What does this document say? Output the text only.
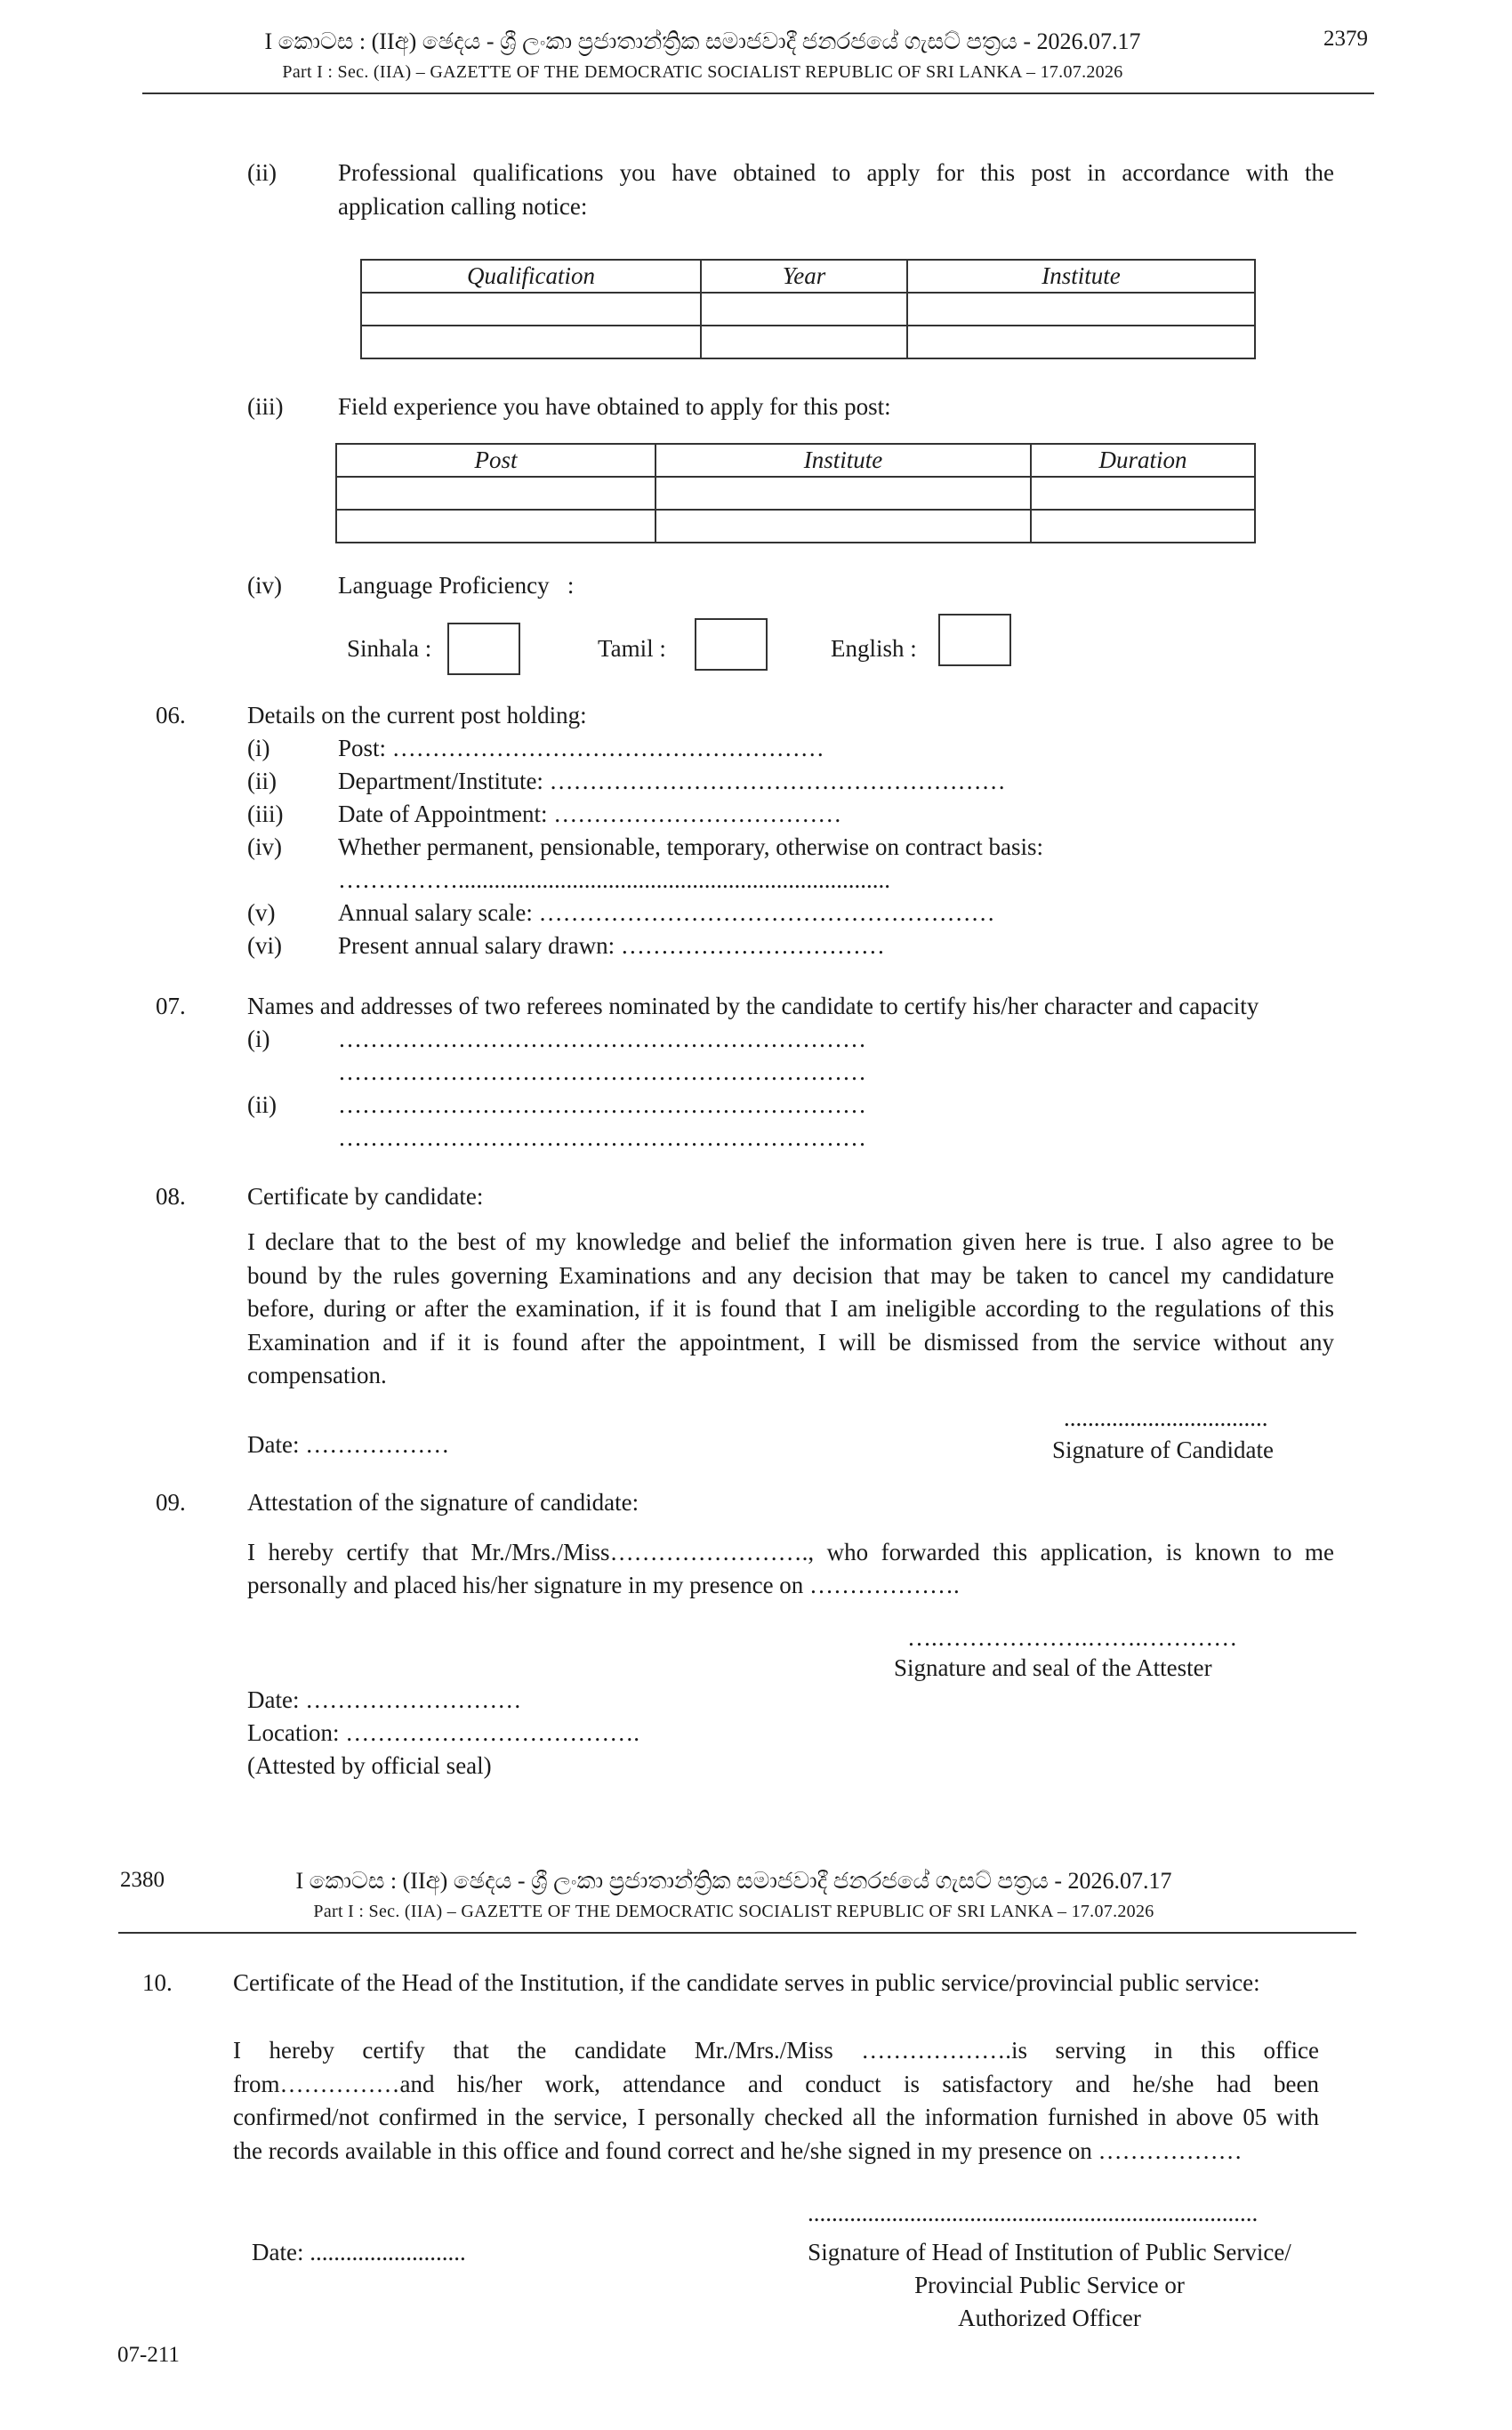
I කොටස : (IIඅ) ඡෙදය - ශ්‍රී ලංකා ප්‍රජාතාන්ත්‍රික සමාජවාදී ජනරජයේ ගැසට් පත්‍රය - 2026.07.17
Part I : Sec. (IIA) – GAZETTE OF THE DEMOCRATIC SOCIALIST REPUBLIC OF SRI LANKA – 17.07.2026
2379
(ii)	Professional qualifications you have obtained to apply for this post in accordance with the
application calling notice:
Qualification	Year	Institute

(iii) Field experience you have obtained to apply for this post:
Post	Institute	Duration

(iv) Language Proficiency   :
Sinhala :	Tamil :	English :
06.	Details on the current post holding:
(i)	Post: ………………………………………………
(ii)	Department/Institute: …………………………………………………
(iii) Date of Appointment: ………………………………
(iv) Whether permanent, pensionable, temporary, otherwise on contract basis:
……………........................................................................
(v)	Annual salary scale: …………………………………………………
(vi) Present annual salary drawn: ……………………………
07.	Names and addresses of two referees nominated by the candidate to certify his/her character and capacity
(i)	…………………………………………………………
…………………………………………………………
(ii)	…………………………………………………………
…………………………………………………………
08.	Certificate by candidate:
I declare that to the best of my knowledge and belief the information given here is true. I also agree to be
bound by the rules governing Examinations and any decision that may be taken to cancel my candidature
before, during or after the examination, if it is found that I am ineligible according to the regulations of this
Examination and if it is found after the appointment, I will be dismissed from the service without any
compensation.
..................................
Date: ………………	Signature of Candidate
09.	Attestation of the signature of candidate:
I hereby certify that Mr./Mrs./Miss……………………., who forwarded this application, is known to me
personally and placed his/her signature in my presence on ……………….
….……………….…….…………
Signature and seal of the Attester
Date: ………………………
Location: ……………………………….
(Attested by official seal)
2380	I කොටස : (IIඅ) ඡෙදය - ශ්‍රී ලංකා ප්‍රජාතාන්ත්‍රික සමාජවාදී ජනරජයේ ගැසට් පත්‍රය - 2026.07.17
Part I : Sec. (IIA) – GAZETTE OF THE DEMOCRATIC SOCIALIST REPUBLIC OF SRI LANKA – 17.07.2026
10.	Certificate of the Head of the Institution, if the candidate serves in public service/provincial public service:
I hereby certify that the candidate Mr./Mrs./Miss ……………….is serving in this office
from……………and his/her work, attendance and conduct is satisfactory and he/she had been
confirmed/not confirmed in the service, I personally checked all the information furnished in above 05 with
the records available in this office and found correct and he/she signed in my presence on ………………
...........................................................................
Date: ..........................	Signature of Head of Institution of Public Service/
Provincial Public Service or
Authorized Officer
07-211
